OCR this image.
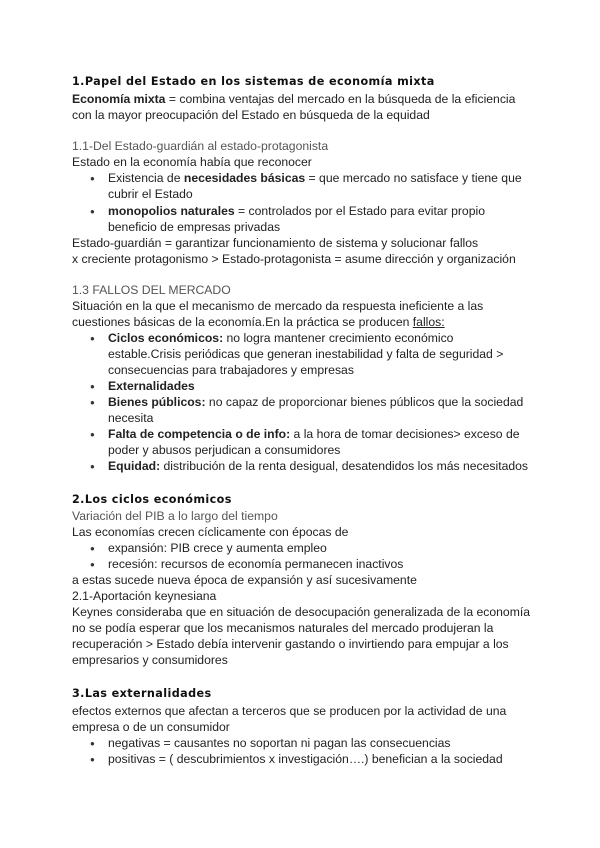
1.Papel del Estado en los sistemas de economía mixta
Economía mixta = combina ventajas del mercado en la búsqueda de la eficiencia
con la mayor preocupación del Estado en búsqueda de la equidad
1.1-Del Estado-guardián al estado-protagonista
Estado en la economía había que reconocer
● Existencia de necesidades básicas = que mercado no satisface y tiene que
cubrir el Estado
● monopolios naturales = controlados por el Estado para evitar propio
beneficio de empresas privadas
Estado-guardián = garantizar funcionamiento de sistema y solucionar fallos
x creciente protagonismo > Estado-protagonista = asume dirección y organización
1.3 FALLOS DEL MERCADO
Situación en la que el mecanismo de mercado da respuesta ineficiente a las
cuestiones básicas de la economía.En la práctica se producen fallos:
● Ciclos económicos: no logra mantener crecimiento económico
estable.Crisis periódicas que generan inestabilidad y falta de seguridad >
consecuencias para trabajadores y empresas
● Externalidades
● Bienes públicos: no capaz de proporcionar bienes públicos que la sociedad
necesita
● Falta de competencia o de info: a la hora de tomar decisiones> exceso de
poder y abusos perjudican a consumidores
● Equidad: distribución de la renta desigual, desatendidos los más necesitados
2.Los ciclos económicos
Variación del PIB a lo largo del tiempo
Las economías crecen cíclicamente con épocas de
● expansión: PIB crece y aumenta empleo
● recesión: recursos de economía permanecen inactivos
a estas sucede nueva época de expansión y así sucesivamente
2.1-Aportación keynesiana
Keynes consideraba que en situación de desocupación generalizada de la economía
no se podía esperar que los mecanismos naturales del mercado produjeran la
recuperación > Estado debía intervenir gastando o invirtiendo para empujar a los
empresarios y consumidores
3.Las externalidades
efectos externos que afectan a terceros que se producen por la actividad de una
empresa o de un consumidor
● negativas = causantes no soportan ni pagan las consecuencias
● positivas = ( descubrimientos x investigación….) benefician a la sociedad
